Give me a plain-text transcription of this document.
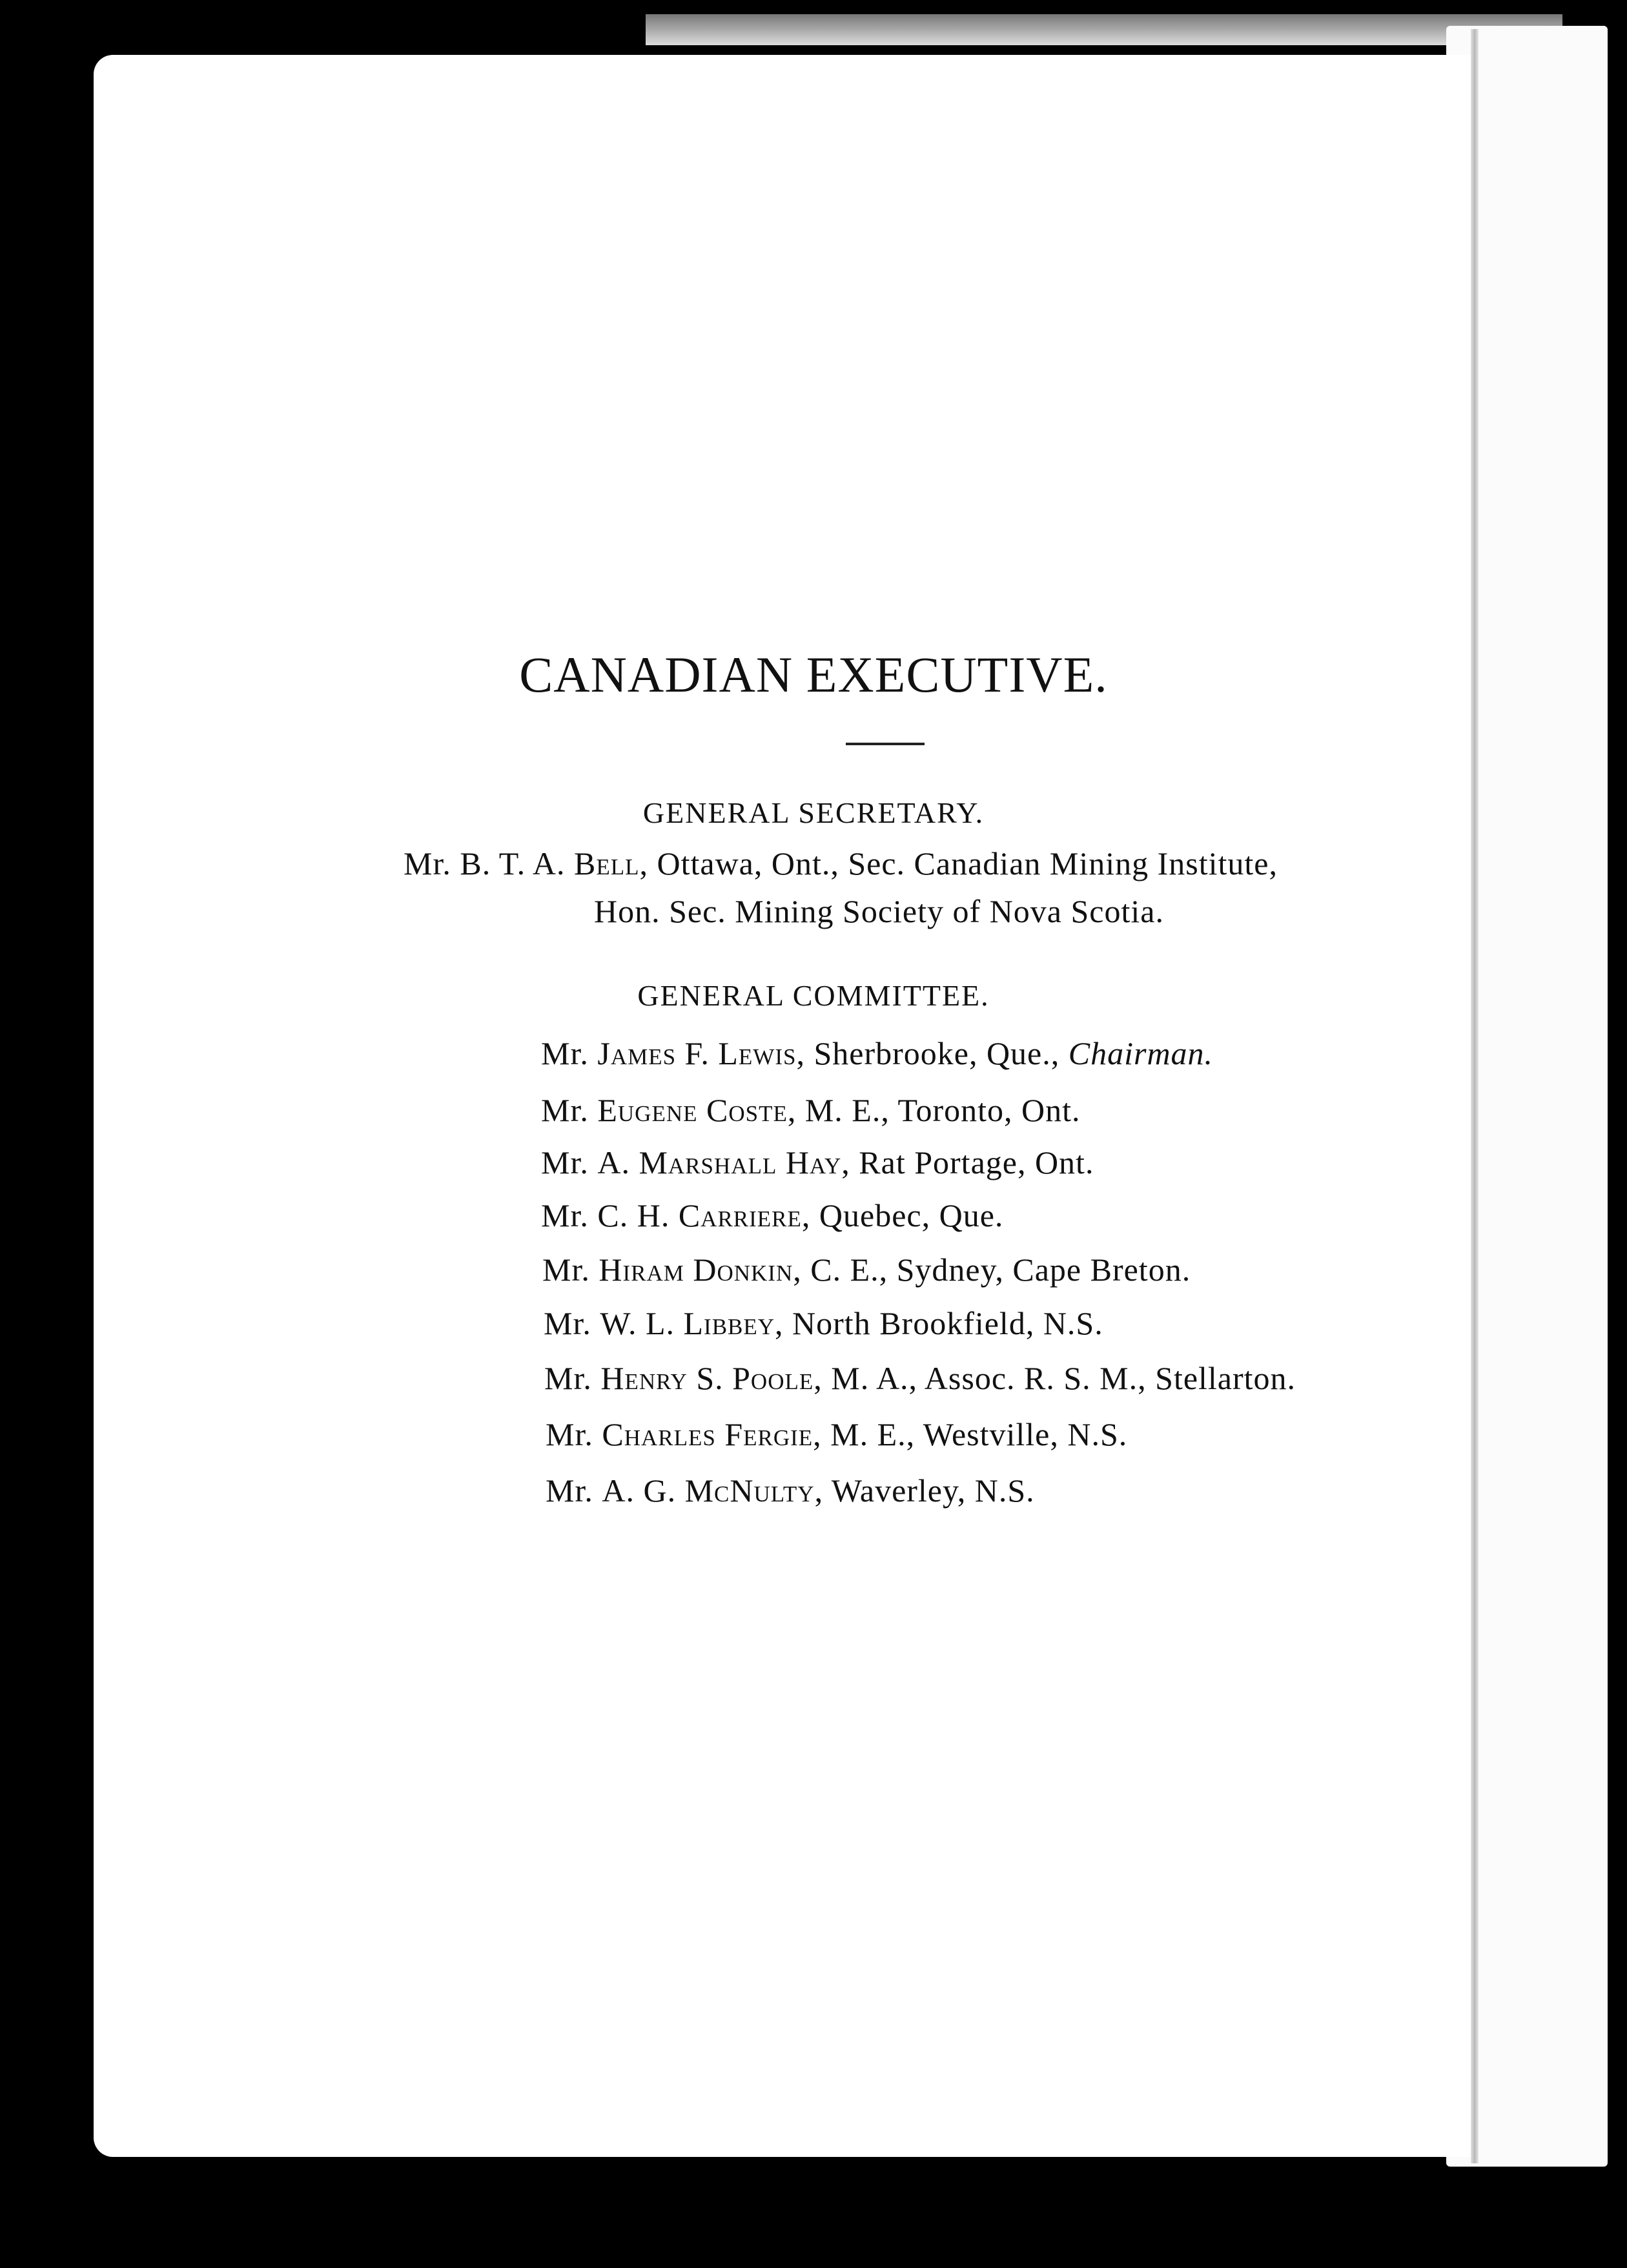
CANADIAN EXECUTIVE.
GENERAL SECRETARY.
Mr. B. T. A. Bell, Ottawa, Ont., Sec. Canadian Mining Institute,
Hon. Sec. Mining Society of Nova Scotia.
GENERAL COMMITTEE.
Mr. James F. Lewis, Sherbrooke, Que., Chairman.
Mr. Eugene Coste, M. E., Toronto, Ont.
Mr. A. Marshall Hay, Rat Portage, Ont.
Mr. C. H. Carriere, Quebec, Que.
Mr. Hiram Donkin, C. E., Sydney, Cape Breton.
Mr. W. L. Libbey, North Brookfield, N.S.
Mr. Henry S. Poole, M. A., Assoc. R. S. M., Stellarton.
Mr. Charles Fergie, M. E., Westville, N.S.
Mr. A. G. McNulty, Waverley, N.S.
